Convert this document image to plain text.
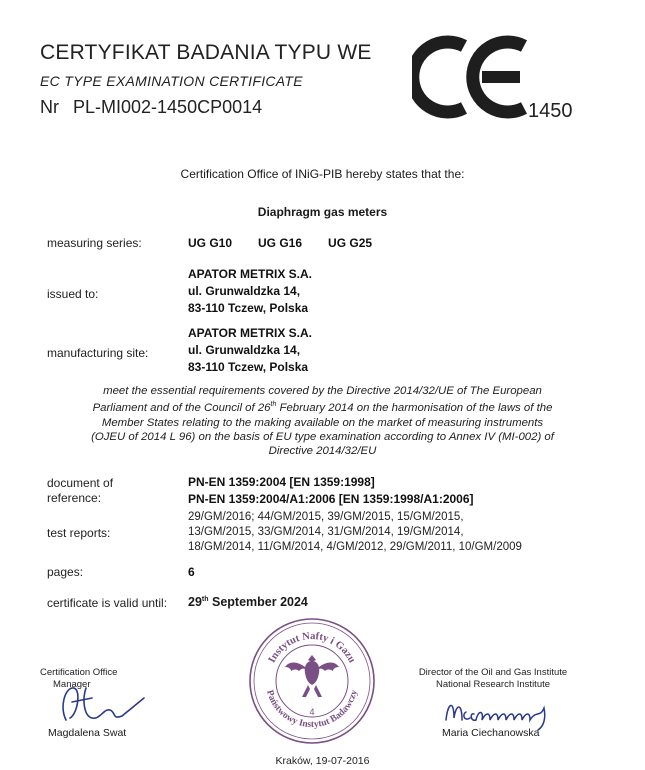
CERTYFIKAT BADANIA TYPU WE
EC TYPE EXAMINATION CERTIFICATE
Nr PL-MI002-1450CP0014	1450
Certification Office of INiG-PIB hereby states that the:
Diaphragm gas meters
measuring series:	UG G10 UG G16 UG G25
issued to:
APATOR METRIX S.A.
ul. Grunwaldzka 14,
83-110 Tczew, Polska
manufacturing site:
APATOR METRIX S.A.
ul. Grunwaldzka 14,
83-110 Tczew, Polska
meet the essential requirements covered by the Directive 2014/32/UE of The European
Parliament and of the Council of 26th February 2014 on the harmonisation of the laws of the
Member States relating to the making available on the market of measuring instruments
(OJEU of 2014 L 96) on the basis of EU type examination according to Annex IV (MI-002) of
Directive 2014/32/EU
document of
reference:
PN-EN 1359:2004 [EN 1359:1998]
PN-EN 1359:2004/A1:2006 [EN 1359:1998/A1:2006]
test reports:
29/GM/2016; 44/GM/2015, 39/GM/2015, 15/GM/2015,
13/GM/2015, 33/GM/2014, 31/GM/2014, 19/GM/2014,
18/GM/2014, 11/GM/2014, 4/GM/2012, 29/GM/2011, 10/GM/2009
pages:	6
certificate is valid until: 29th September 2024
Certification Office
Manager
Magdalena Swat
Instytut Nafty i Gazu
Państwowy Instytut Badawczy
4
Director of the Oil and Gas Institute
National Research Institute
Maria Ciechanowska
Kraków, 19-07-2016
